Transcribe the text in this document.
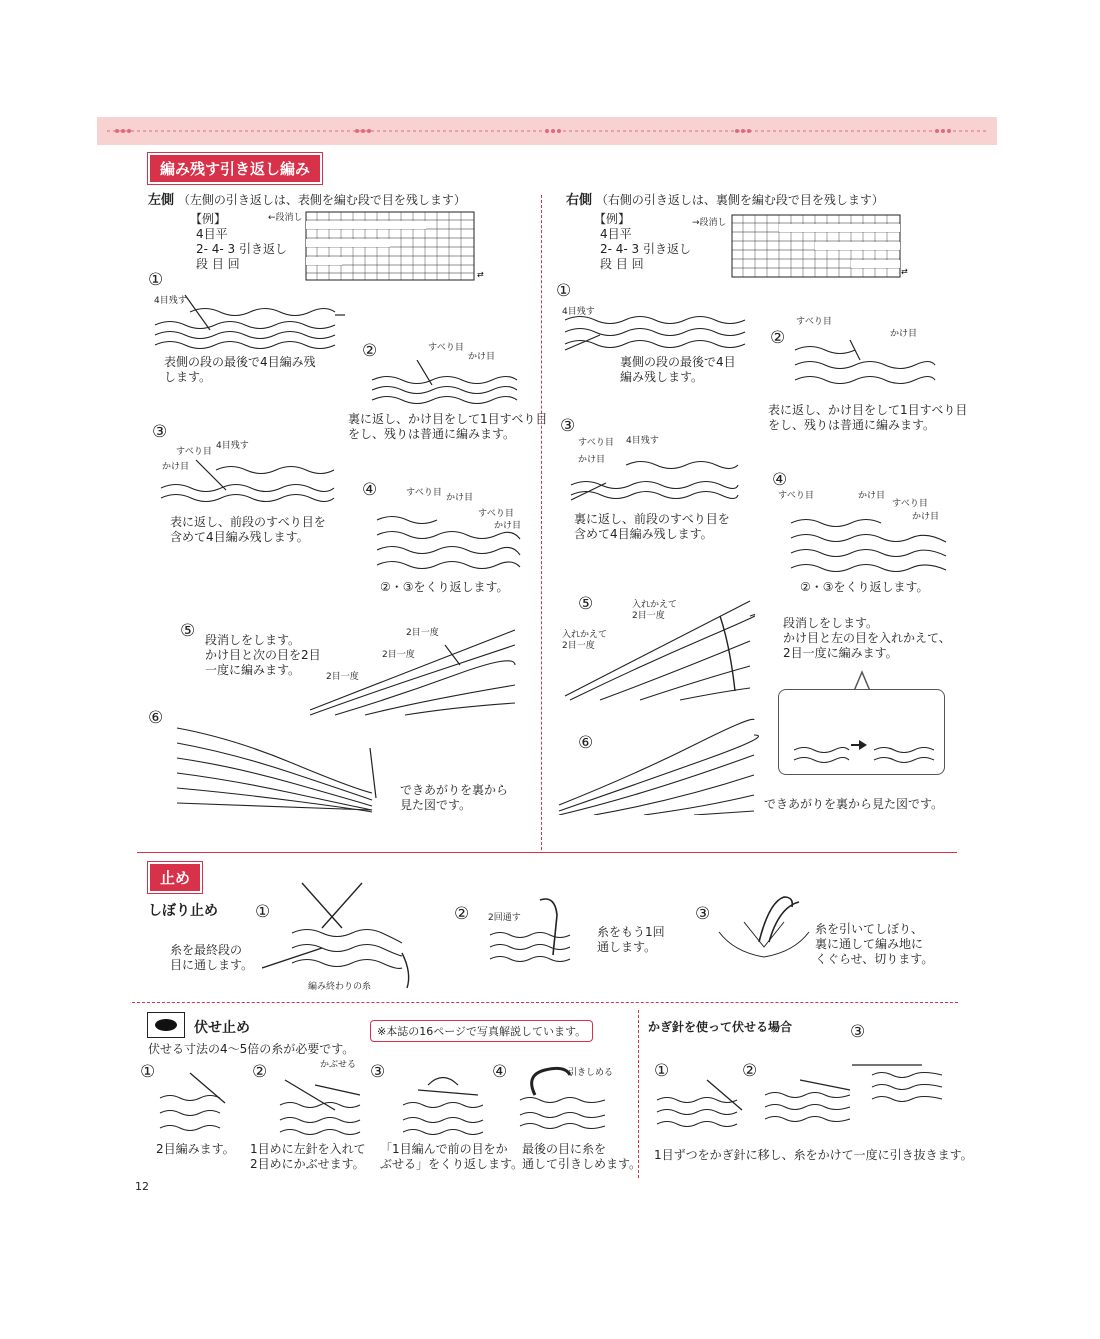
編み残す引き返し編み
左側 （左側の引き返しは、表側を編む段で目を残します）
【例】
4目平
2- 4- 3 引き返し
段 目 回
←段消し
⇄
右側 （右側の引き返しは、裏側を編む段で目を残します）
【例】
4目平
2- 4- 3 引き返し
段 目 回
→段消し
⇄
①
4目残す
表側の段の最後で4目編み残
します。
②	すべり目
かけ目
裏に返し、かけ目をして1目すべり目
をし、残りは普通に編みます。
③
すべり目
4目残す
かけ目
表に返し、前段のすべり目を
含めて4目編み残します。
④	すべり目 かけ目
すべり目
かけ目
②・③をくり返します。
⑤ 段消しをします。
かけ目と次の目を2目
一度に編みます。
2目一度
2目一度
2目一度
⑥
できあがりを裏から
見た図です。
①
4目残す
裏側の段の最後で4目
編み残します。
②
すべり目
かけ目
表に返し、かけ目をして1目すべり目
をし、残りは普通に編みます。
③
すべり目 4目残す
かけ目
裏に返し、前段のすべり目を
含めて4目編み残します。
④
すべり目	かけ目
すべり目
かけ目
②・③をくり返します。
⑤	入れかえて
2目一度
入れかえて
2目一度
段消しをします。
かけ目と左の目を入れかえて、
2目一度に編みます。
⑥
できあがりを裏から見た図です。
止め
しぼり止め ①
糸を最終段の
目に通します。
編み終わりの糸
② 2回通す
糸をもう1回
通します。
③
糸を引いてしぼり、
裏に通して編み地に
くぐらせ、切ります。
伏せ止め	※本誌の16ページで写真解説しています。
伏せる寸法の4〜5倍の糸が必要です。
①
2目編みます。
②	かぶせる
1目めに左針を入れて
2目めにかぶせます。
③
「1目編んで前の目をか
ぶせる」をくり返します。
④	引きしめる
最後の目に糸を
通して引きしめます。
かぎ針を使って伏せる場合
①	②
③
1目ずつをかぎ針に移し、糸をかけて一度に引き抜きます。
12
